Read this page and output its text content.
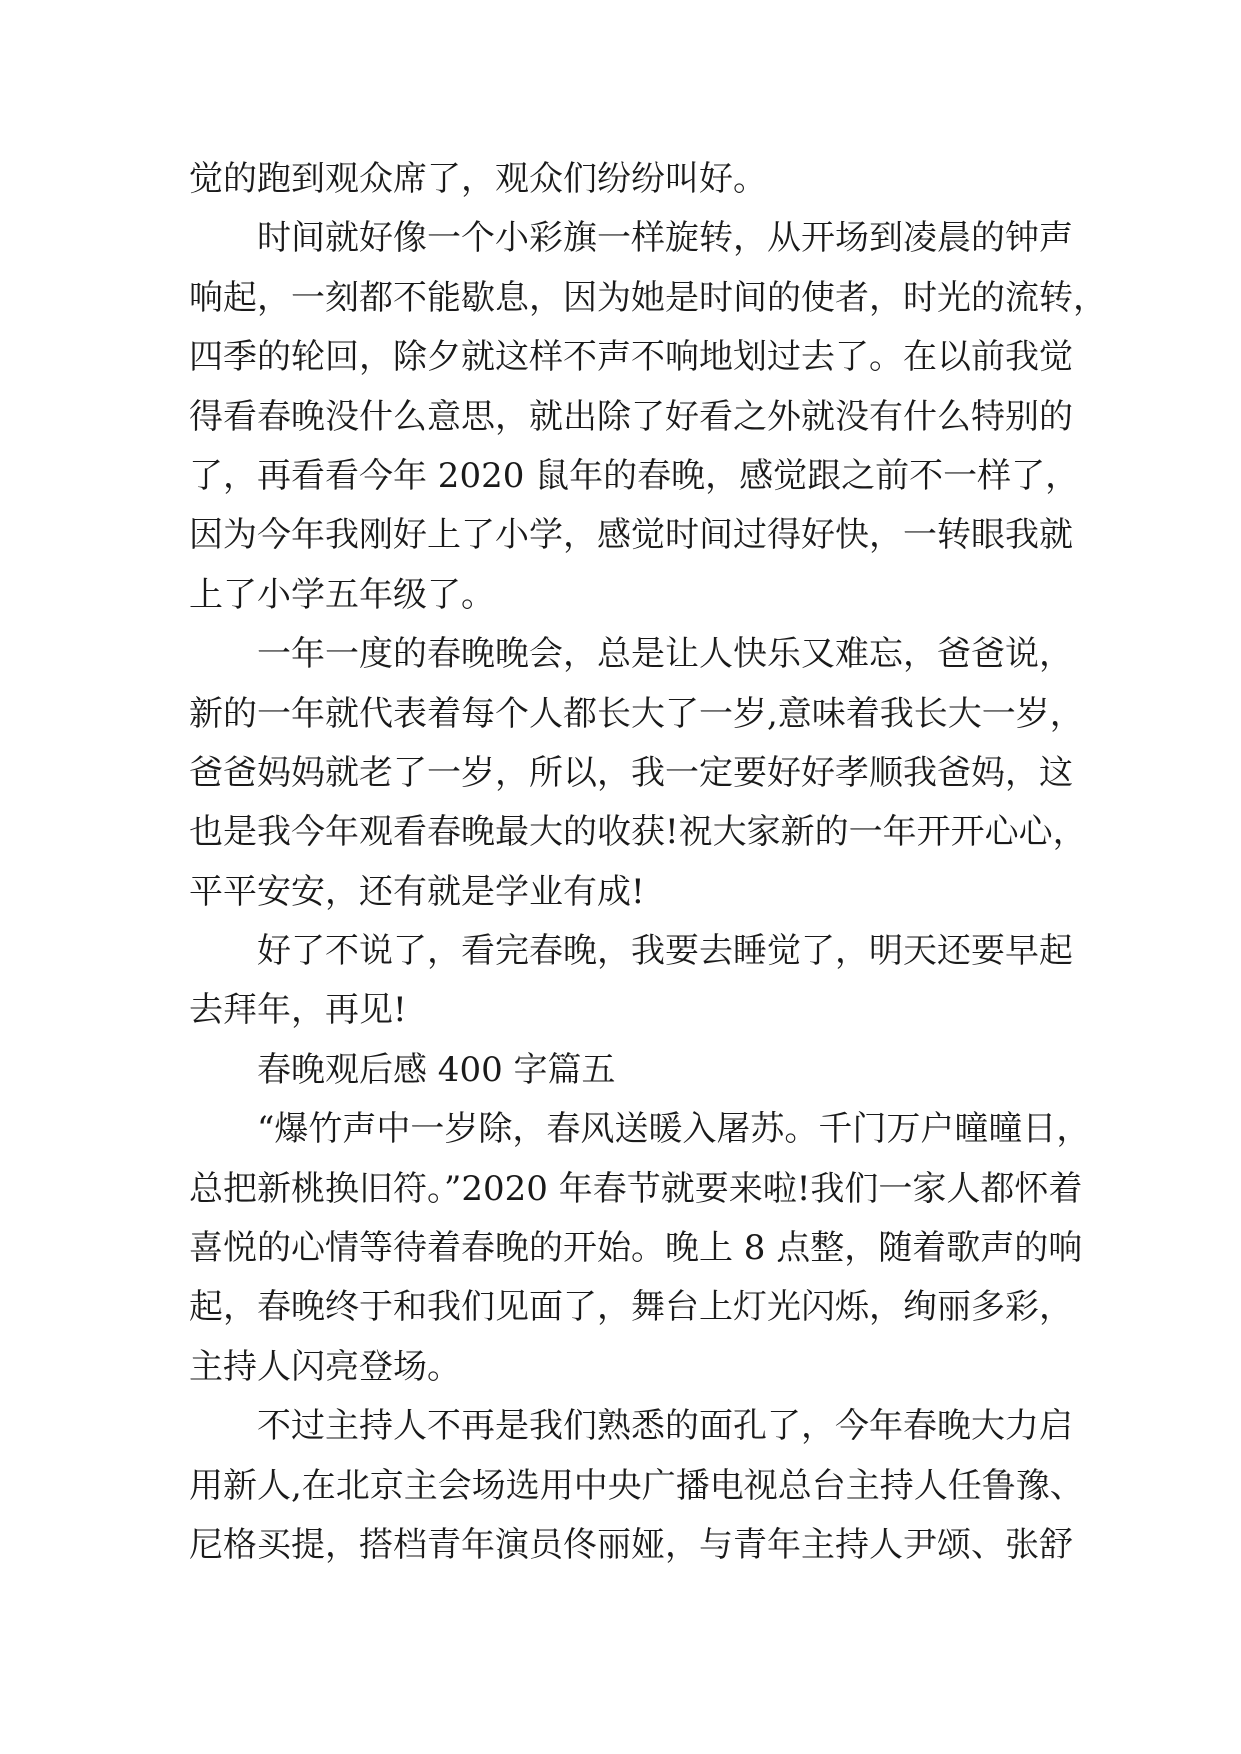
觉的跑到观众席了，观众们纷纷叫好。
时间就好像一个小彩旗一样旋转，从开场到凌晨的钟声
响起，一刻都不能歇息，因为她是时间的使者，时光的流转，
四季的轮回，除夕就这样不声不响地划过去了。在以前我觉
得看春晚没什么意思，就出除了好看之外就没有什么特别的
了，再看看今年 2020 鼠年的春晚，感觉跟之前不一样了，
因为今年我刚好上了小学，感觉时间过得好快，一转眼我就
上了小学五年级了。
一年一度的春晚晚会，总是让人快乐又难忘，爸爸说，
新的一年就代表着每个人都长大了一岁,意味着我长大一岁，
爸爸妈妈就老了一岁，所以，我一定要好好孝顺我爸妈，这
也是我今年观看春晚最大的收获!祝大家新的一年开开心心，
平平安安，还有就是学业有成!
好了不说了，看完春晚，我要去睡觉了，明天还要早起
去拜年，再见!
春晚观后感 400 字篇五
“爆竹声中一岁除，春风送暖入屠苏。千门万户曈曈日，
总把新桃换旧符。”2020 年春节就要来啦!我们一家人都怀着
喜悦的心情等待着春晚的开始。晚上 8 点整，随着歌声的响
起，春晚终于和我们见面了，舞台上灯光闪烁，绚丽多彩，
主持人闪亮登场。
不过主持人不再是我们熟悉的面孔了，今年春晚大力启
用新人,在北京主会场选用中央广播电视总台主持人任鲁豫、
尼格买提，搭档青年演员佟丽娅，与青年主持人尹颂、张舒
